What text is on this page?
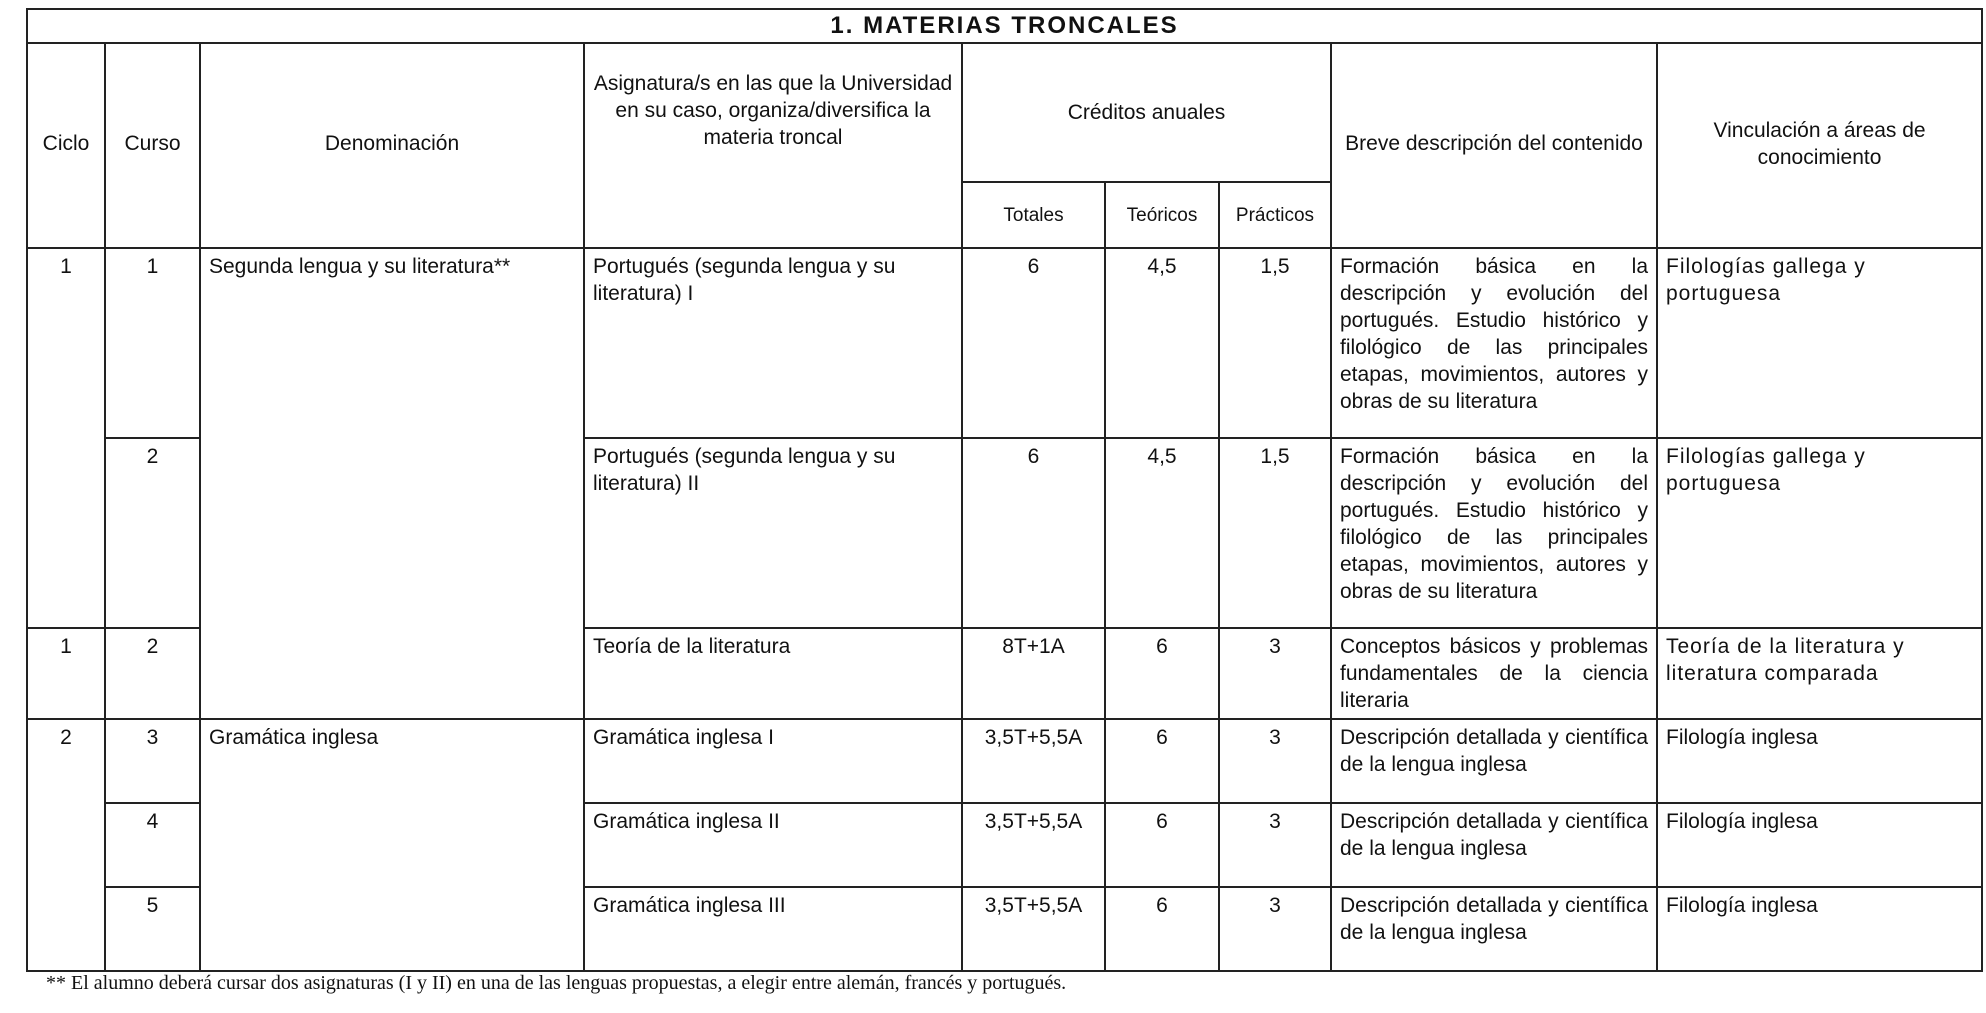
1. MATERIAS TRONCALES								
Ciclo	Curso	Denominación	Asignatura/s en las que la Universidad en su caso, organiza/diversifica la materia troncal	Créditos anuales			Breve descripción del contenido	Vinculación a áreas de conocimiento
				Totales	Teóricos	Prácticos		
1	1	Segunda lengua y su literatura**	Portugués (segunda lengua y su literatura) I	6	4,5	1,5	Formación básica en la descripción y evolución del portugués. Estudio histórico y filológico de las principales etapas, movimientos, autores y obras de su literatura	Filologías gallega y portuguesa
	2		Portugués (segunda lengua y su literatura) II	6	4,5	1,5	Formación básica en la descripción y evolución del portugués. Estudio histórico y filológico de las principales etapas, movimientos, autores y obras de su literatura	Filologías gallega y portuguesa
1	2		Teoría de la literatura	8T+1A	6	3	Conceptos básicos y problemas fundamentales de la ciencia literaria	Teoría de la literatura y literatura comparada
2	3	Gramática inglesa	Gramática inglesa I	3,5T+5,5A	6	3	Descripción detallada y científica de la lengua inglesa	Filología inglesa
	4		Gramática inglesa II	3,5T+5,5A	6	3	Descripción detallada y científica de la lengua inglesa	Filología inglesa
	5		Gramática inglesa III	3,5T+5,5A	6	3	Descripción detallada y científica de la lengua inglesa	Filología inglesa
** El alumno deberá cursar dos asignaturas (I y II) en una de las lenguas propuestas, a elegir entre alemán, francés y portugués.
